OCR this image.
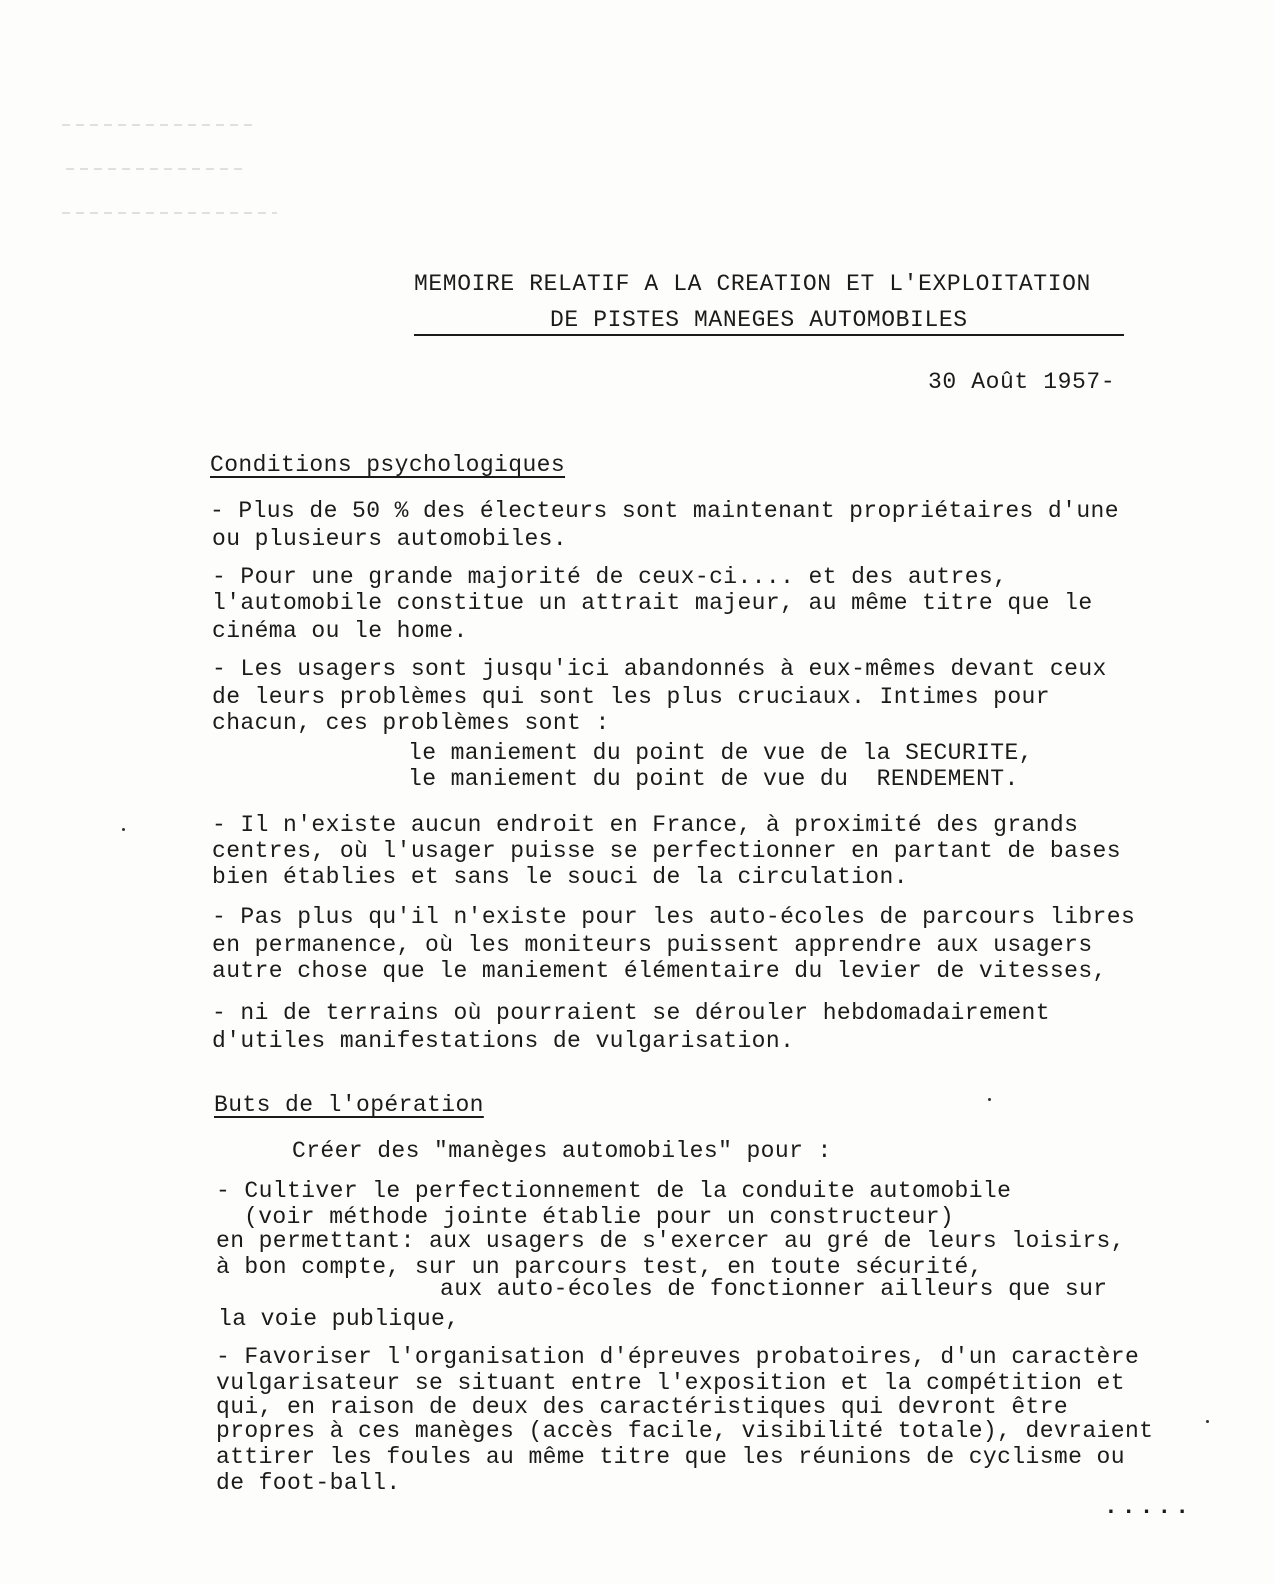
MEMOIRE RELATIF A LA CREATION ET L'EXPLOITATION
DE PISTES MANEGES AUTOMOBILES
30 Août 1957-
Conditions psychologiques
- Plus de 50 % des électeurs sont maintenant propriétaires d'une
ou plusieurs automobiles.
- Pour une grande majorité de ceux-ci.... et des autres,
l'automobile constitue un attrait majeur, au même titre que le
cinéma ou le home.
- Les usagers sont jusqu'ici abandonnés à eux-mêmes devant ceux
de leurs problèmes qui sont les plus cruciaux. Intimes pour
chacun, ces problèmes sont :
le maniement du point de vue de la SECURITE,
le maniement du point de vue du  RENDEMENT.
- Il n'existe aucun endroit en France, à proximité des grands
centres, où l'usager puisse se perfectionner en partant de bases
bien établies et sans le souci de la circulation.
- Pas plus qu'il n'existe pour les auto-écoles de parcours libres
en permanence, où les moniteurs puissent apprendre aux usagers
autre chose que le maniement élémentaire du levier de vitesses,
- ni de terrains où pourraient se dérouler hebdomadairement
d'utiles manifestations de vulgarisation.
Buts de l'opération
Créer des "manèges automobiles" pour :
- Cultiver le perfectionnement de la conduite automobile
(voir méthode jointe établie pour un constructeur)
en permettant: aux usagers de s'exercer au gré de leurs loisirs,
à bon compte, sur un parcours test, en toute sécurité,
aux auto-écoles de fonctionner ailleurs que sur
la voie publique,
- Favoriser l'organisation d'épreuves probatoires, d'un caractère
vulgarisateur se situant entre l'exposition et la compétition et
qui, en raison de deux des caractéristiques qui devront être
propres à ces manèges (accès facile, visibilité totale), devraient
attirer les foules au même titre que les réunions de cyclisme ou
de foot-ball.
.....
